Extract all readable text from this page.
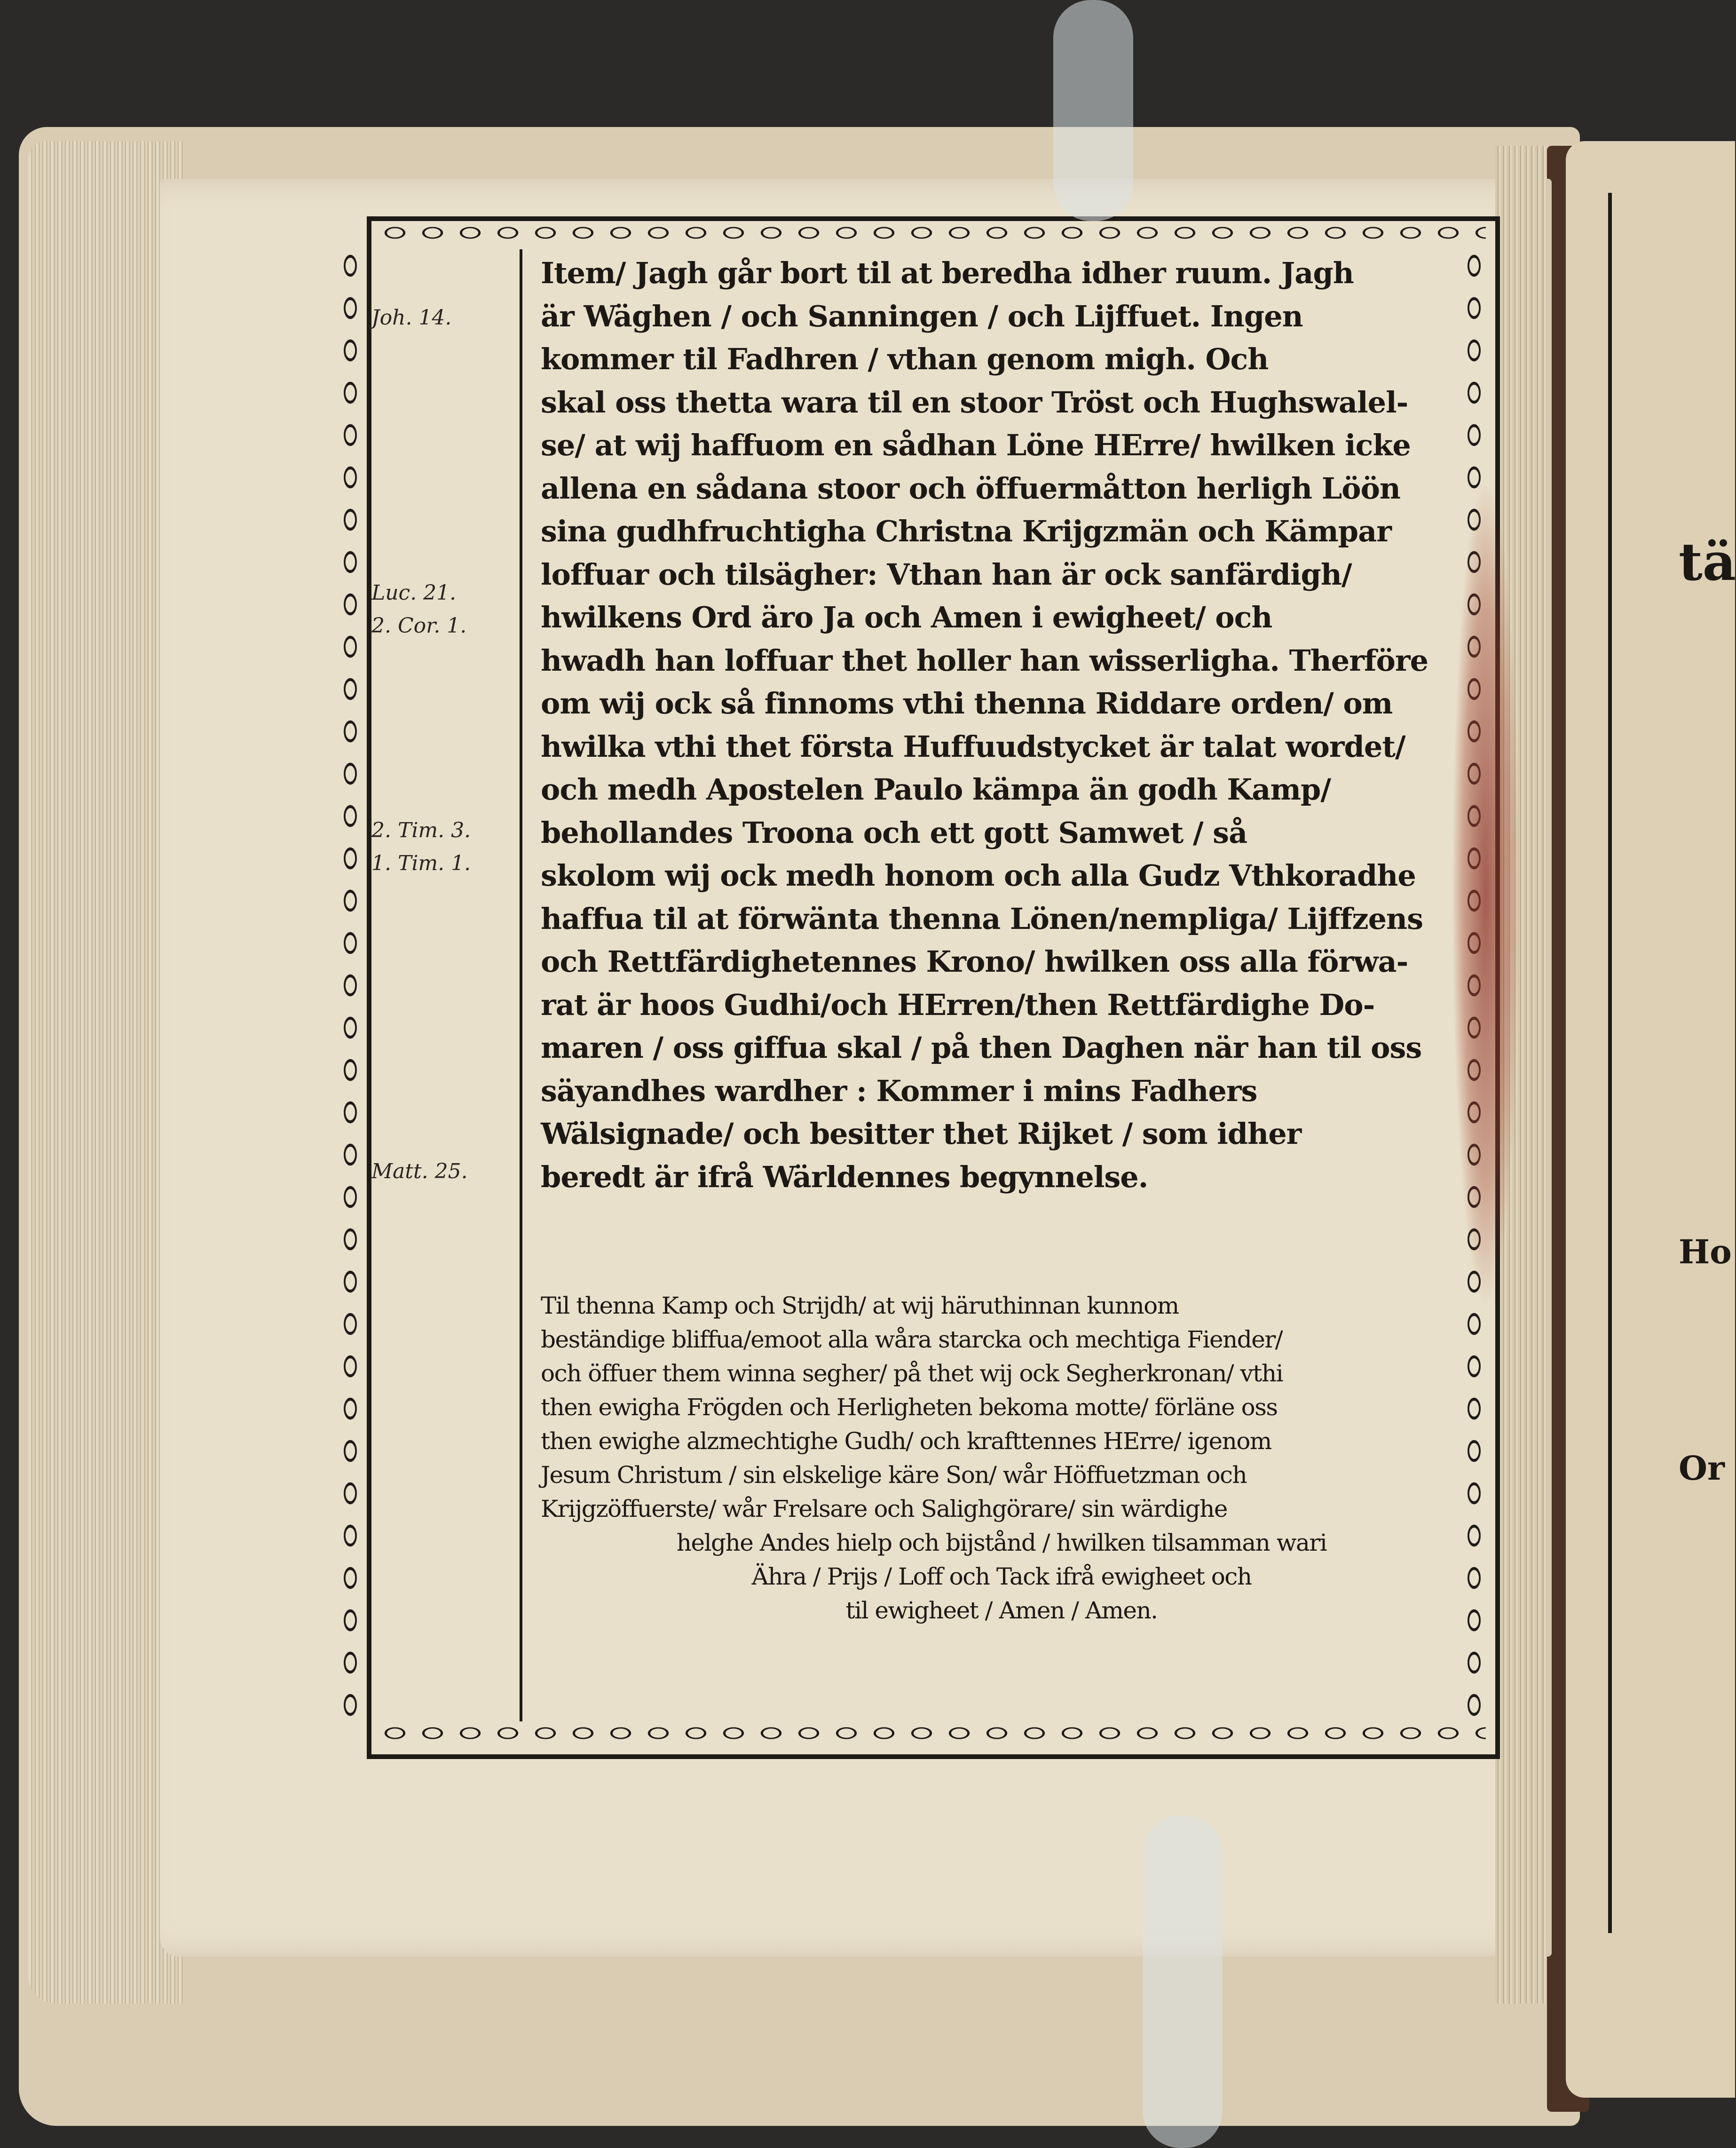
Joh. 14.
Luc. 21.
2. Cor. 1.
2. Tim. 3.
1. Tim. 1.
Matt. 25.
Item/ Jagh går bort til at beredha idher ruum. Jagh
är Wäghen / och Sanningen / och Lijffuet. Ingen
kommer til Fadhren / vthan genom migh. Och
skal oss thetta wara til en stoor Tröst och Hughswalel-
se/ at wij haffuom en sådhan Löne HErre/ hwilken icke
allena en sådana stoor och öffuermåtton herligh Löön
sina gudhfruchtigha Christna Krijgzmän och Kämpar
loffuar och tilsägher: Vthan han är ock sanfärdigh/
hwilkens Ord äro Ja och Amen i ewigheet/ och
hwadh han loffuar thet holler han wisserligha. Therföre
om wij ock så finnoms vthi thenna Riddare orden/ om
hwilka vthi thet första Huffuudstycket är talat wordet/
och medh Apostelen Paulo kämpa än godh Kamp/
behollandes Troona och ett gott Samwet / så
skolom wij ock medh honom och alla Gudz Vthkoradhe
haffua til at förwänta thenna Lönen/nempliga/ Lijffzens
och Rettfärdighetennes Krono/ hwilken oss alla förwa-
rat är hoos Gudhi/och HErren/then Rettfärdighe Do-
maren / oss giffua skal / på then Daghen när han til oss
säyandhes wardher : Kommer i mins Fadhers
Wälsignade/ och besitter thet Rijket / som idher
beredt är ifrå Wärldennes begynnelse.
Til thenna Kamp och Strijdh/ at wij häruthinnan kunnom
beständige bliffua/emoot alla wåra starcka och mechtiga Fiender/
och öffuer them winna segher/ på thet wij ock Segherkronan/ vthi
then ewigha Frögden och Herligheten bekoma motte/ förläne oss
then ewighe alzmechtighe Gudh/ och krafttennes HErre/ igenom
Jesum Christum / sin elskelige käre Son/ wår Höffuetzman och
Krijgzöffuerste/ wår Frelsare och Salighgörare/ sin wärdighe
helghe Andes hielp och bijstånd / hwilken tilsamman wari
Ähra / Prijs / Loff och Tack ifrå ewigheet och
til ewigheet / Amen / Amen.
tä
Ho
Or
